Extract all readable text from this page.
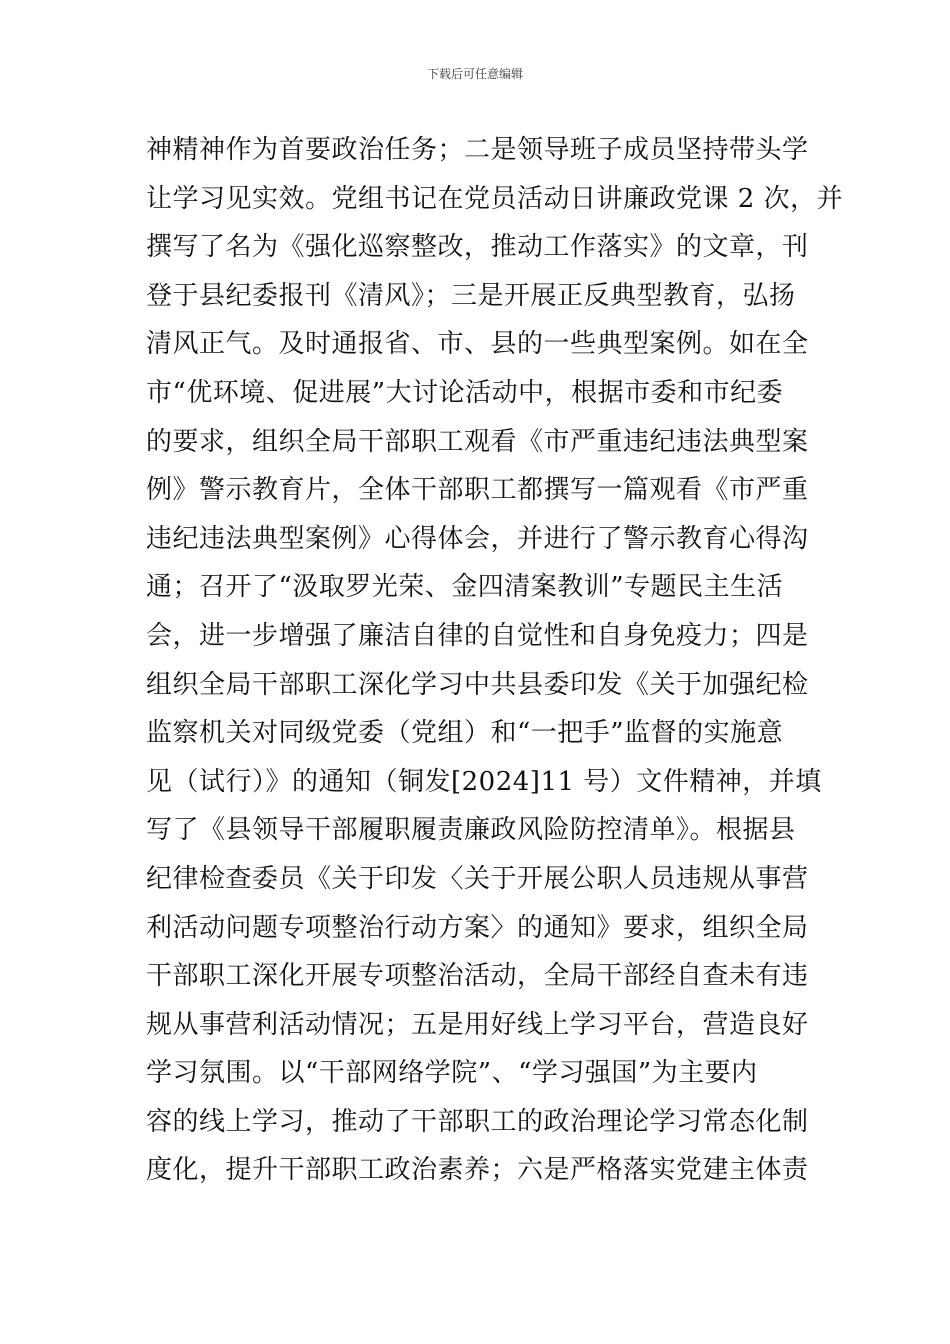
下载后可任意编辑
神精神作为首要政治任务；二是领导班子成员坚持带头学
让学习见实效。党组书记在党员活动日讲廉政党课 2 次，并
撰写了名为《强化巡察整改，推动工作落实》的文章，刊
登于县纪委报刊《清风》；三是开展正反典型教育，弘扬
清风正气。及时通报省、市、县的一些典型案例。如在全
市“优环境、促进展”大讨论活动中，根据市委和市纪委
的要求，组织全局干部职工观看《市严重违纪违法典型案
例》警示教育片，全体干部职工都撰写一篇观看《市严重
违纪违法典型案例》心得体会，并进行了警示教育心得沟
通；召开了“汲取罗光荣、金四清案教训”专题民主生活
会，进一步增强了廉洁自律的自觉性和自身免疫力；四是
组织全局干部职工深化学习中共县委印发《关于加强纪检
监察机关对同级党委（党组）和“一把手”监督的实施意
见（试行）》的通知（铜发[2024]11 号）文件精神，并填
写了《县领导干部履职履责廉政风险防控清单》。根据县
纪律检查委员《关于印发〈关于开展公职人员违规从事营
利活动问题专项整治行动方案〉的通知》要求，组织全局
干部职工深化开展专项整治活动，全局干部经自查未有违
规从事营利活动情况；五是用好线上学习平台，营造良好
学习氛围。以“干部网络学院”、“学习强国”为主要内
容的线上学习，推动了干部职工的政治理论学习常态化制
度化，提升干部职工政治素养；六是严格落实党建主体责
